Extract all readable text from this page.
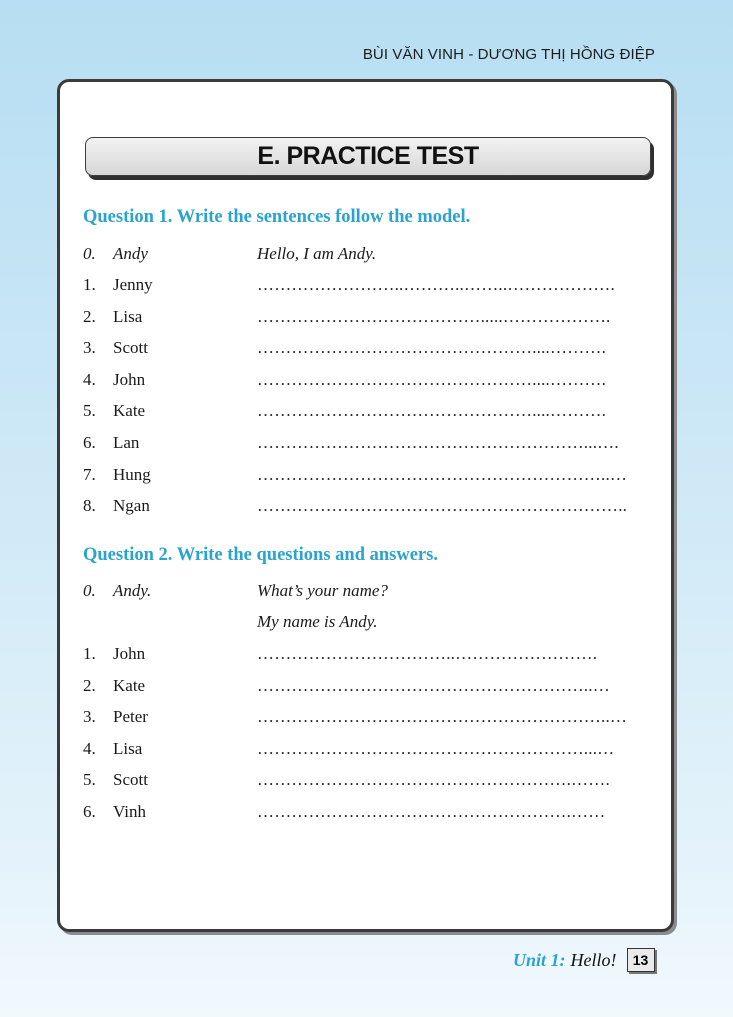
BÙI VĂN VINH - DƯƠNG THỊ HỒNG ĐIỆP
E. PRACTICE TEST
Question 1. Write the sentences follow the model.
0. Andy	Hello, I am Andy.
1. Jenny	……………………..………..……..……………….
2. Lisa	………………………………….....……………….
3. Scott	…………………………………………....……….
4. John	…………………………………………....……….
5. Kate	…………………………………………....……….
6. Lan	…………………………………………………...….
7. Hung	……………………………………………………..…
8. Ngan	………………………………………………………..
Question 2. Write the questions and answers.
0. Andy.	What’s your name?
My name is Andy.
1. John	……………………………..…………………….
2. Kate	…………………………………………………..…
3. Peter	……………………………………………………..…
4. Lisa	…………………………………………………...…
5. Scott	……………………………………………….…….
6. Vinh	……………………………………………….……
Unit 1: Hello!	13
